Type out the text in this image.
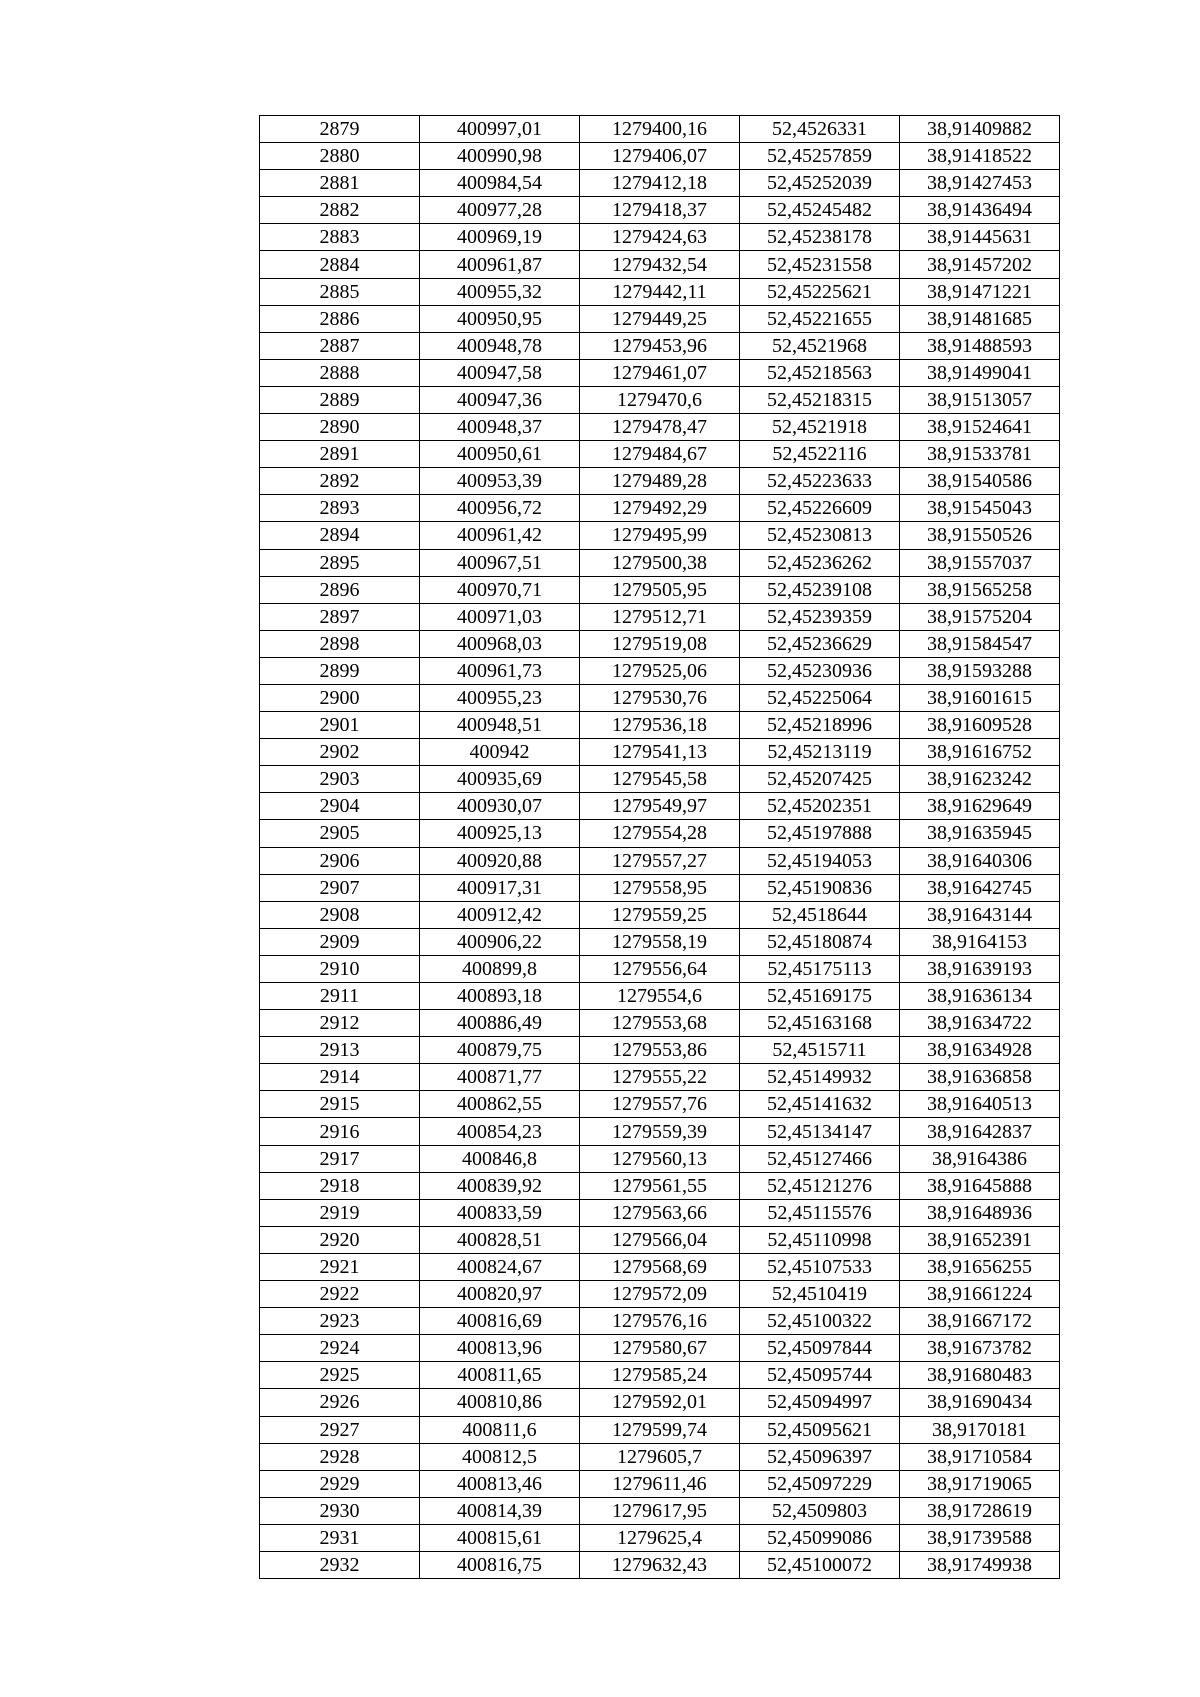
2879	400997,01	1279400,16	52,4526331	38,91409882
2880	400990,98	1279406,07	52,45257859	38,91418522
2881	400984,54	1279412,18	52,45252039	38,91427453
2882	400977,28	1279418,37	52,45245482	38,91436494
2883	400969,19	1279424,63	52,45238178	38,91445631
2884	400961,87	1279432,54	52,45231558	38,91457202
2885	400955,32	1279442,11	52,45225621	38,91471221
2886	400950,95	1279449,25	52,45221655	38,91481685
2887	400948,78	1279453,96	52,4521968	38,91488593
2888	400947,58	1279461,07	52,45218563	38,91499041
2889	400947,36	1279470,6	52,45218315	38,91513057
2890	400948,37	1279478,47	52,4521918	38,91524641
2891	400950,61	1279484,67	52,4522116	38,91533781
2892	400953,39	1279489,28	52,45223633	38,91540586
2893	400956,72	1279492,29	52,45226609	38,91545043
2894	400961,42	1279495,99	52,45230813	38,91550526
2895	400967,51	1279500,38	52,45236262	38,91557037
2896	400970,71	1279505,95	52,45239108	38,91565258
2897	400971,03	1279512,71	52,45239359	38,91575204
2898	400968,03	1279519,08	52,45236629	38,91584547
2899	400961,73	1279525,06	52,45230936	38,91593288
2900	400955,23	1279530,76	52,45225064	38,91601615
2901	400948,51	1279536,18	52,45218996	38,91609528
2902	400942	1279541,13	52,45213119	38,91616752
2903	400935,69	1279545,58	52,45207425	38,91623242
2904	400930,07	1279549,97	52,45202351	38,91629649
2905	400925,13	1279554,28	52,45197888	38,91635945
2906	400920,88	1279557,27	52,45194053	38,91640306
2907	400917,31	1279558,95	52,45190836	38,91642745
2908	400912,42	1279559,25	52,4518644	38,91643144
2909	400906,22	1279558,19	52,45180874	38,9164153
2910	400899,8	1279556,64	52,45175113	38,91639193
2911	400893,18	1279554,6	52,45169175	38,91636134
2912	400886,49	1279553,68	52,45163168	38,91634722
2913	400879,75	1279553,86	52,4515711	38,91634928
2914	400871,77	1279555,22	52,45149932	38,91636858
2915	400862,55	1279557,76	52,45141632	38,91640513
2916	400854,23	1279559,39	52,45134147	38,91642837
2917	400846,8	1279560,13	52,45127466	38,9164386
2918	400839,92	1279561,55	52,45121276	38,91645888
2919	400833,59	1279563,66	52,45115576	38,91648936
2920	400828,51	1279566,04	52,45110998	38,91652391
2921	400824,67	1279568,69	52,45107533	38,91656255
2922	400820,97	1279572,09	52,4510419	38,91661224
2923	400816,69	1279576,16	52,45100322	38,91667172
2924	400813,96	1279580,67	52,45097844	38,91673782
2925	400811,65	1279585,24	52,45095744	38,91680483
2926	400810,86	1279592,01	52,45094997	38,91690434
2927	400811,6	1279599,74	52,45095621	38,9170181
2928	400812,5	1279605,7	52,45096397	38,91710584
2929	400813,46	1279611,46	52,45097229	38,91719065
2930	400814,39	1279617,95	52,4509803	38,91728619
2931	400815,61	1279625,4	52,45099086	38,91739588
2932	400816,75	1279632,43	52,45100072	38,91749938
